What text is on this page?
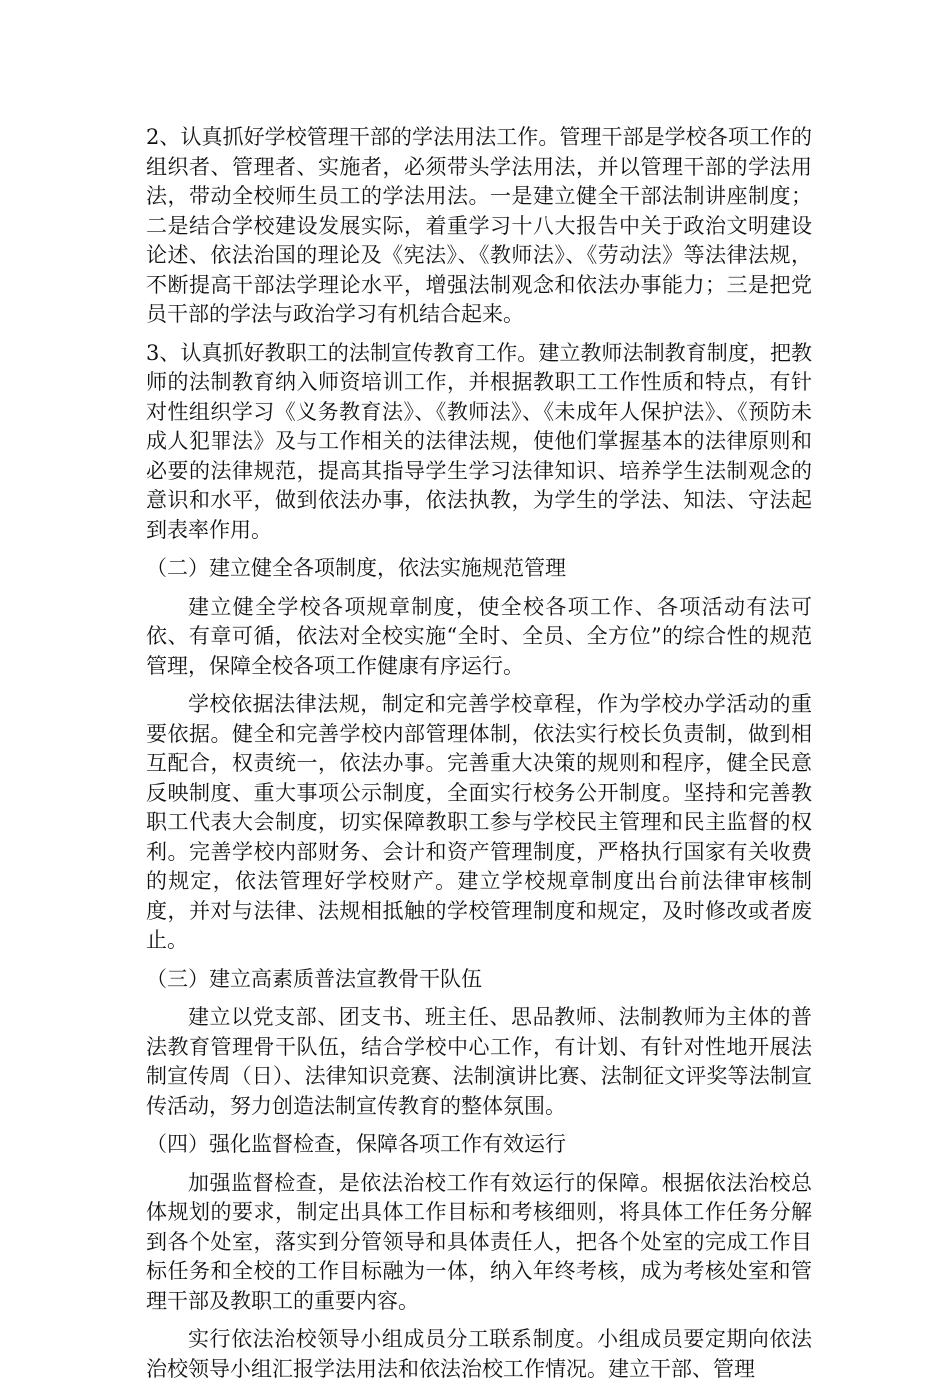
2、认真抓好学校管理干部的学法用法工作。管理干部是学校各项工作的组织者、管理者、实施者，必须带头学法用法，并以管理干部的学法用法，带动全校师生员工的学法用法。一是建立健全干部法制讲座制度；二是结合学校建设发展实际，着重学习十八大报告中关于政治文明建设论述、依法治国的理论及《宪法》、《教师法》、《劳动法》等法律法规，不断提高干部法学理论水平，增强法制观念和依法办事能力；三是把党员干部的学法与政治学习有机结合起来。

3、认真抓好教职工的法制宣传教育工作。建立教师法制教育制度，把教师的法制教育纳入师资培训工作，并根据教职工工作性质和特点，有针对性组织学习《义务教育法》、《教师法》、《未成年人保护法》、《预防未成人犯罪法》及与工作相关的法律法规，使他们掌握基本的法律原则和必要的法律规范，提高其指导学生学习法律知识、培养学生法制观念的意识和水平，做到依法办事，依法执教，为学生的学法、知法、守法起到表率作用。

（二）建立健全各项制度，依法实施规范管理

建立健全学校各项规章制度，使全校各项工作、各项活动有法可依、有章可循，依法对全校实施“全时、全员、全方位”的综合性的规范管理，保障全校各项工作健康有序运行。

学校依据法律法规，制定和完善学校章程，作为学校办学活动的重要依据。健全和完善学校内部管理体制，依法实行校长负责制，做到相互配合，权责统一，依法办事。完善重大决策的规则和程序，健全民意反映制度、重大事项公示制度，全面实行校务公开制度。坚持和完善教职工代表大会制度，切实保障教职工参与学校民主管理和民主监督的权利。完善学校内部财务、会计和资产管理制度，严格执行国家有关收费的规定，依法管理好学校财产。建立学校规章制度出台前法律审核制度，并对与法律、法规相抵触的学校管理制度和规定，及时修改或者废止。

（三）建立高素质普法宣教骨干队伍

建立以党支部、团支书、班主任、思品教师、法制教师为主体的普法教育管理骨干队伍，结合学校中心工作，有计划、有针对性地开展法制宣传周（日）、法律知识竞赛、法制演讲比赛、法制征文评奖等法制宣传活动，努力创造法制宣传教育的整体氛围。

（四）强化监督检查，保障各项工作有效运行

加强监督检查，是依法治校工作有效运行的保障。根据依法治校总体规划的要求，制定出具体工作目标和考核细则，将具体工作任务分解到各个处室，落实到分管领导和具体责任人，把各个处室的完成工作目标任务和全校的工作目标融为一体，纳入年终考核，成为考核处室和管理干部及教职工的重要内容。

实行依法治校领导小组成员分工联系制度。小组成员要定期向依法治校领导小组汇报学法用法和依法治校工作情况。建立干部、管理
